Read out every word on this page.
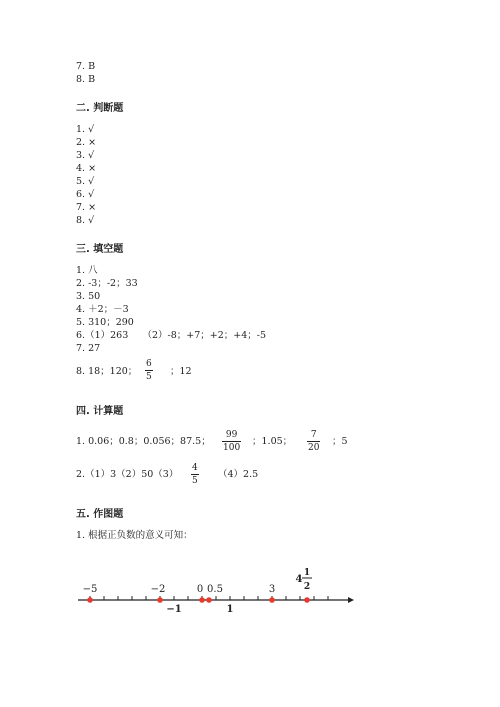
7. B
8. B
二. 判断题
1. √
2. ×
3. √
4. ×
5. √
6. √
7. ×
8. √
三. 填空题
1. 八
2. -3；-2；33
3. 50
4. ＋2；－3
5. 310；290
6.（1）263　　（2）-8；+7；+2；+4；-5
7. 27
8. 18；120；
6
5 ；12
四. 计算题
1. 0.06；0.8；0.056；87.5；
99
100
；1.05；
7
20
；5
2.（1）3（2）50（3）
4
5
（4）2.5
五. 作图题
1. 根据正负数的意义可知：
−5	−2	0 0.5	3
−1	1
4
1
2
